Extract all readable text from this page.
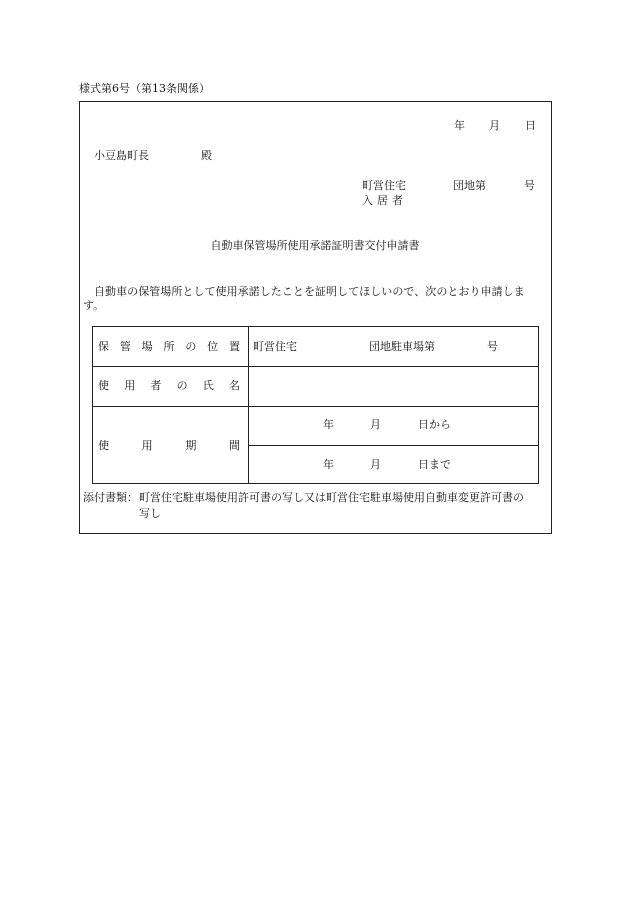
様式第6号（第13条関係）
年 月 日
小豆島町長	殿
町営住宅	団地第	号
入居者
自動車保管場所使用承諾証明書交付申請書
自動車の保管場所として使用承諾したことを証明してほしいので、次のとおり申請しま
す。
保 管 場 所 の 位 置 町営住宅	団地駐車場第	号
使 用 者 の 氏 名
使	用	期	間
年	月	日から
年	月	日まで
添付書類： 町営住宅駐車場使用許可書の写し又は町営住宅駐車場使用自動車変更許可書の
写し
